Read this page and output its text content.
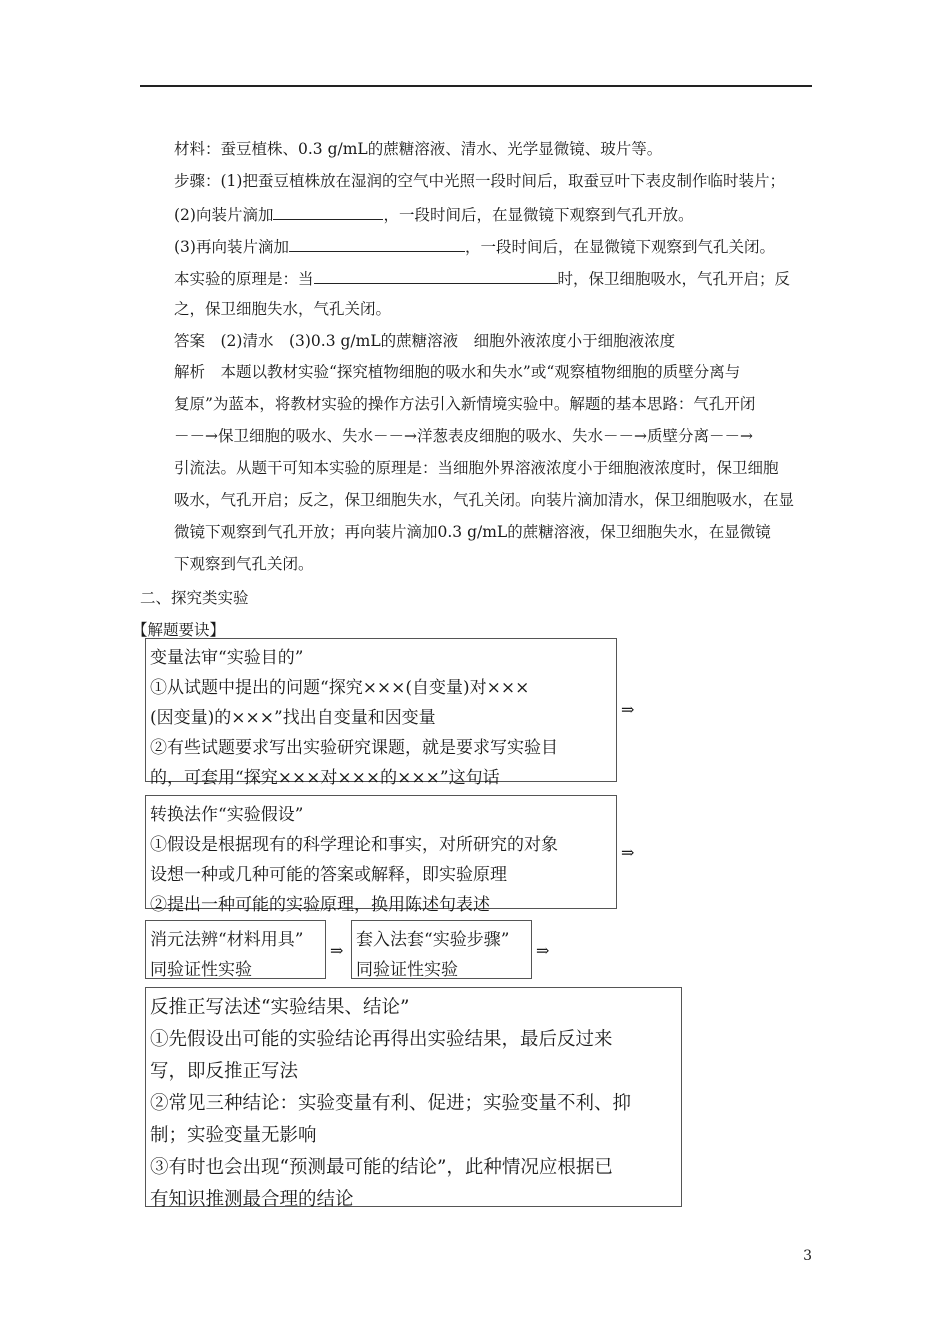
材料：蚕豆植株、0.3 g/mL的蔗糖溶液、清水、光学显微镜、玻片等。
步骤：(1)把蚕豆植株放在湿润的空气中光照一段时间后，取蚕豆叶下表皮制作临时装片；
(2)向装片滴加	，一段时间后，在显微镜下观察到气孔开放。
(3)再向装片滴加	，一段时间后，在显微镜下观察到气孔关闭。
本实验的原理是：当	时，保卫细胞吸水，气孔开启；反
之，保卫细胞失水，气孔关闭。
答案　(2)清水　(3)0.3 g/mL的蔗糖溶液　细胞外液浓度小于细胞液浓度
解析　本题以教材实验“探究植物细胞的吸水和失水”或“观察植物细胞的质壁分离与
复原”为蓝本，将教材实验的操作方法引入新情境实验中。解题的基本思路：气孔开闭
－－→保卫细胞的吸水、失水－－→洋葱表皮细胞的吸水、失水－－→质壁分离－－→
引流法。从题干可知本实验的原理是：当细胞外界溶液浓度小于细胞液浓度时，保卫细胞
吸水，气孔开启；反之，保卫细胞失水，气孔关闭。向装片滴加清水，保卫细胞吸水，在显
微镜下观察到气孔开放；再向装片滴加0.3 g/mL的蔗糖溶液，保卫细胞失水，在显微镜
下观察到气孔关闭。
二、探究类实验
【解题要诀】
变量法审“实验目的”
①从试题中提出的问题“探究×××(自变量)对×××
(因变量)的×××”找出自变量和因变量
②有些试题要求写出实验研究课题，就是要求写实验目
的，可套用“探究×××对×××的×××”这句话
⇒
转换法作“实验假设”
①假设是根据现有的科学理论和事实，对所研究的对象
设想一种或几种可能的答案或解释，即实验原理
②提出一种可能的实验原理，换用陈述句表述
⇒
消元法辨“材料用具”
同验证性实验
⇒
套入法套“实验步骤”
同验证性实验
⇒
反推正写法述“实验结果、结论”
①先假设出可能的实验结论再得出实验结果，最后反过来
写，即反推正写法
②常见三种结论：实验变量有利、促进；实验变量不利、抑
制；实验变量无影响
③有时也会出现“预测最可能的结论”，此种情况应根据已
有知识推测最合理的结论
3
